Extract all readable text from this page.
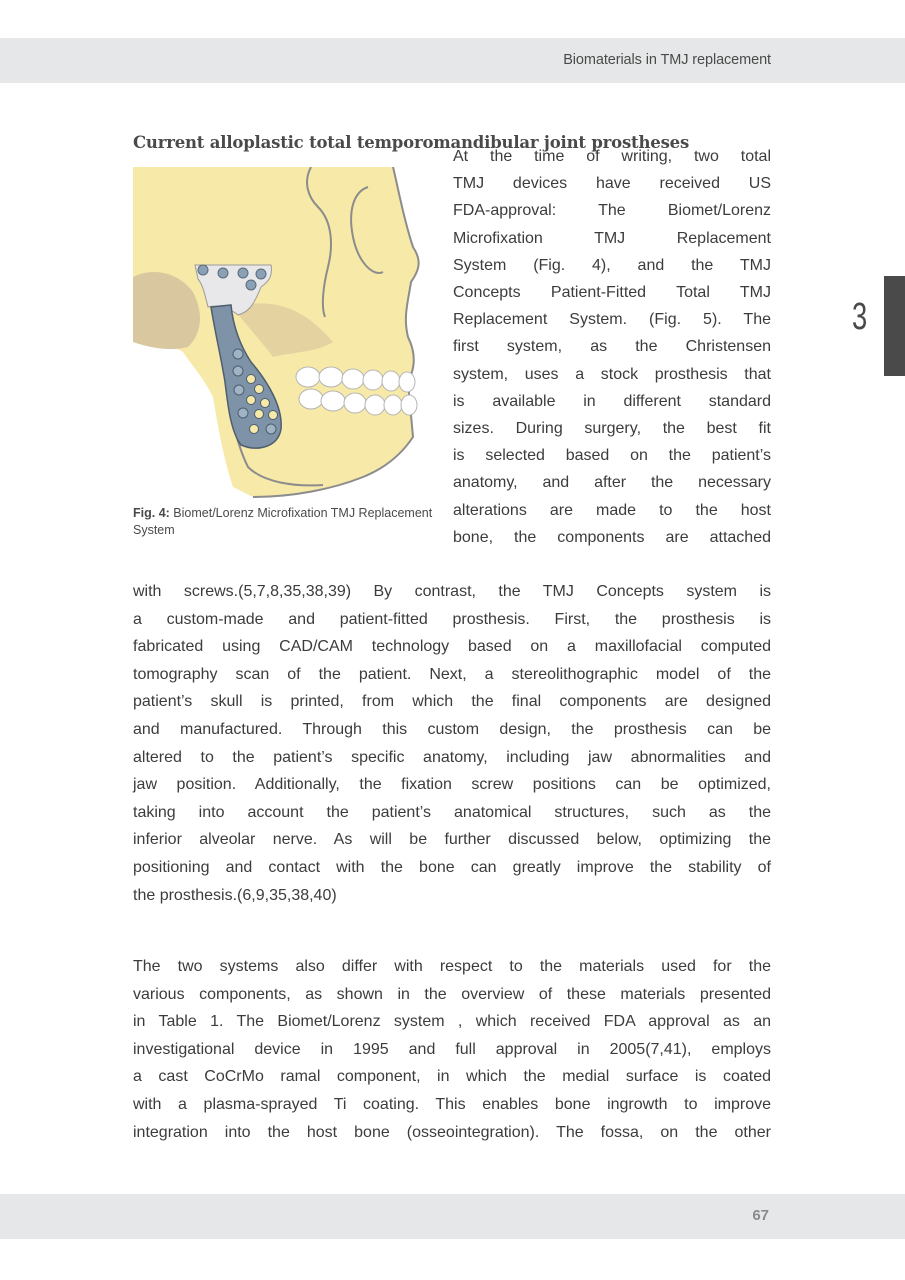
Biomaterials in TMJ replacement
3
Current alloplastic total temporomandibular joint prostheses
Fig. 4: Biomet/Lorenz Microfixation TMJ Replacement System
At the time of writing, two total
TMJ devices have received US
FDA-approval: The Biomet/Lorenz
Microfixation TMJ Replacement
System (Fig. 4), and the TMJ
Concepts Patient-Fitted Total TMJ
Replacement System. (Fig. 5). The
first system, as the Christensen
system, uses a stock prosthesis that
is available in different standard
sizes. During surgery, the best fit
is selected based on the patient’s
anatomy, and after the necessary
alterations are made to the host
bone, the components are attached
with screws.(5,7,8,35,38,39) By contrast, the TMJ Concepts system is
a custom-made and patient-fitted prosthesis. First, the prosthesis is
fabricated using CAD/CAM technology based on a maxillofacial computed
tomography scan of the patient. Next, a stereolithographic model of the
patient’s skull is printed, from which the final components are designed
and manufactured. Through this custom design, the prosthesis can be
altered to the patient’s specific anatomy, including jaw abnormalities and
jaw position. Additionally, the fixation screw positions can be optimized,
taking into account the patient’s anatomical structures, such as the
inferior alveolar nerve. As will be further discussed below, optimizing the
positioning and contact with the bone can greatly improve the stability of
the prosthesis.(6,9,35,38,40)
The two systems also differ with respect to the materials used for the
various components, as shown in the overview of these materials presented
in Table 1. The Biomet/Lorenz system , which received FDA approval as an
investigational device in 1995 and full approval in 2005(7,41), employs
a cast CoCrMo ramal component, in which the medial surface is coated
with a plasma-sprayed Ti coating. This enables bone ingrowth to improve
integration into the host bone (osseointegration). The fossa, on the other
67
